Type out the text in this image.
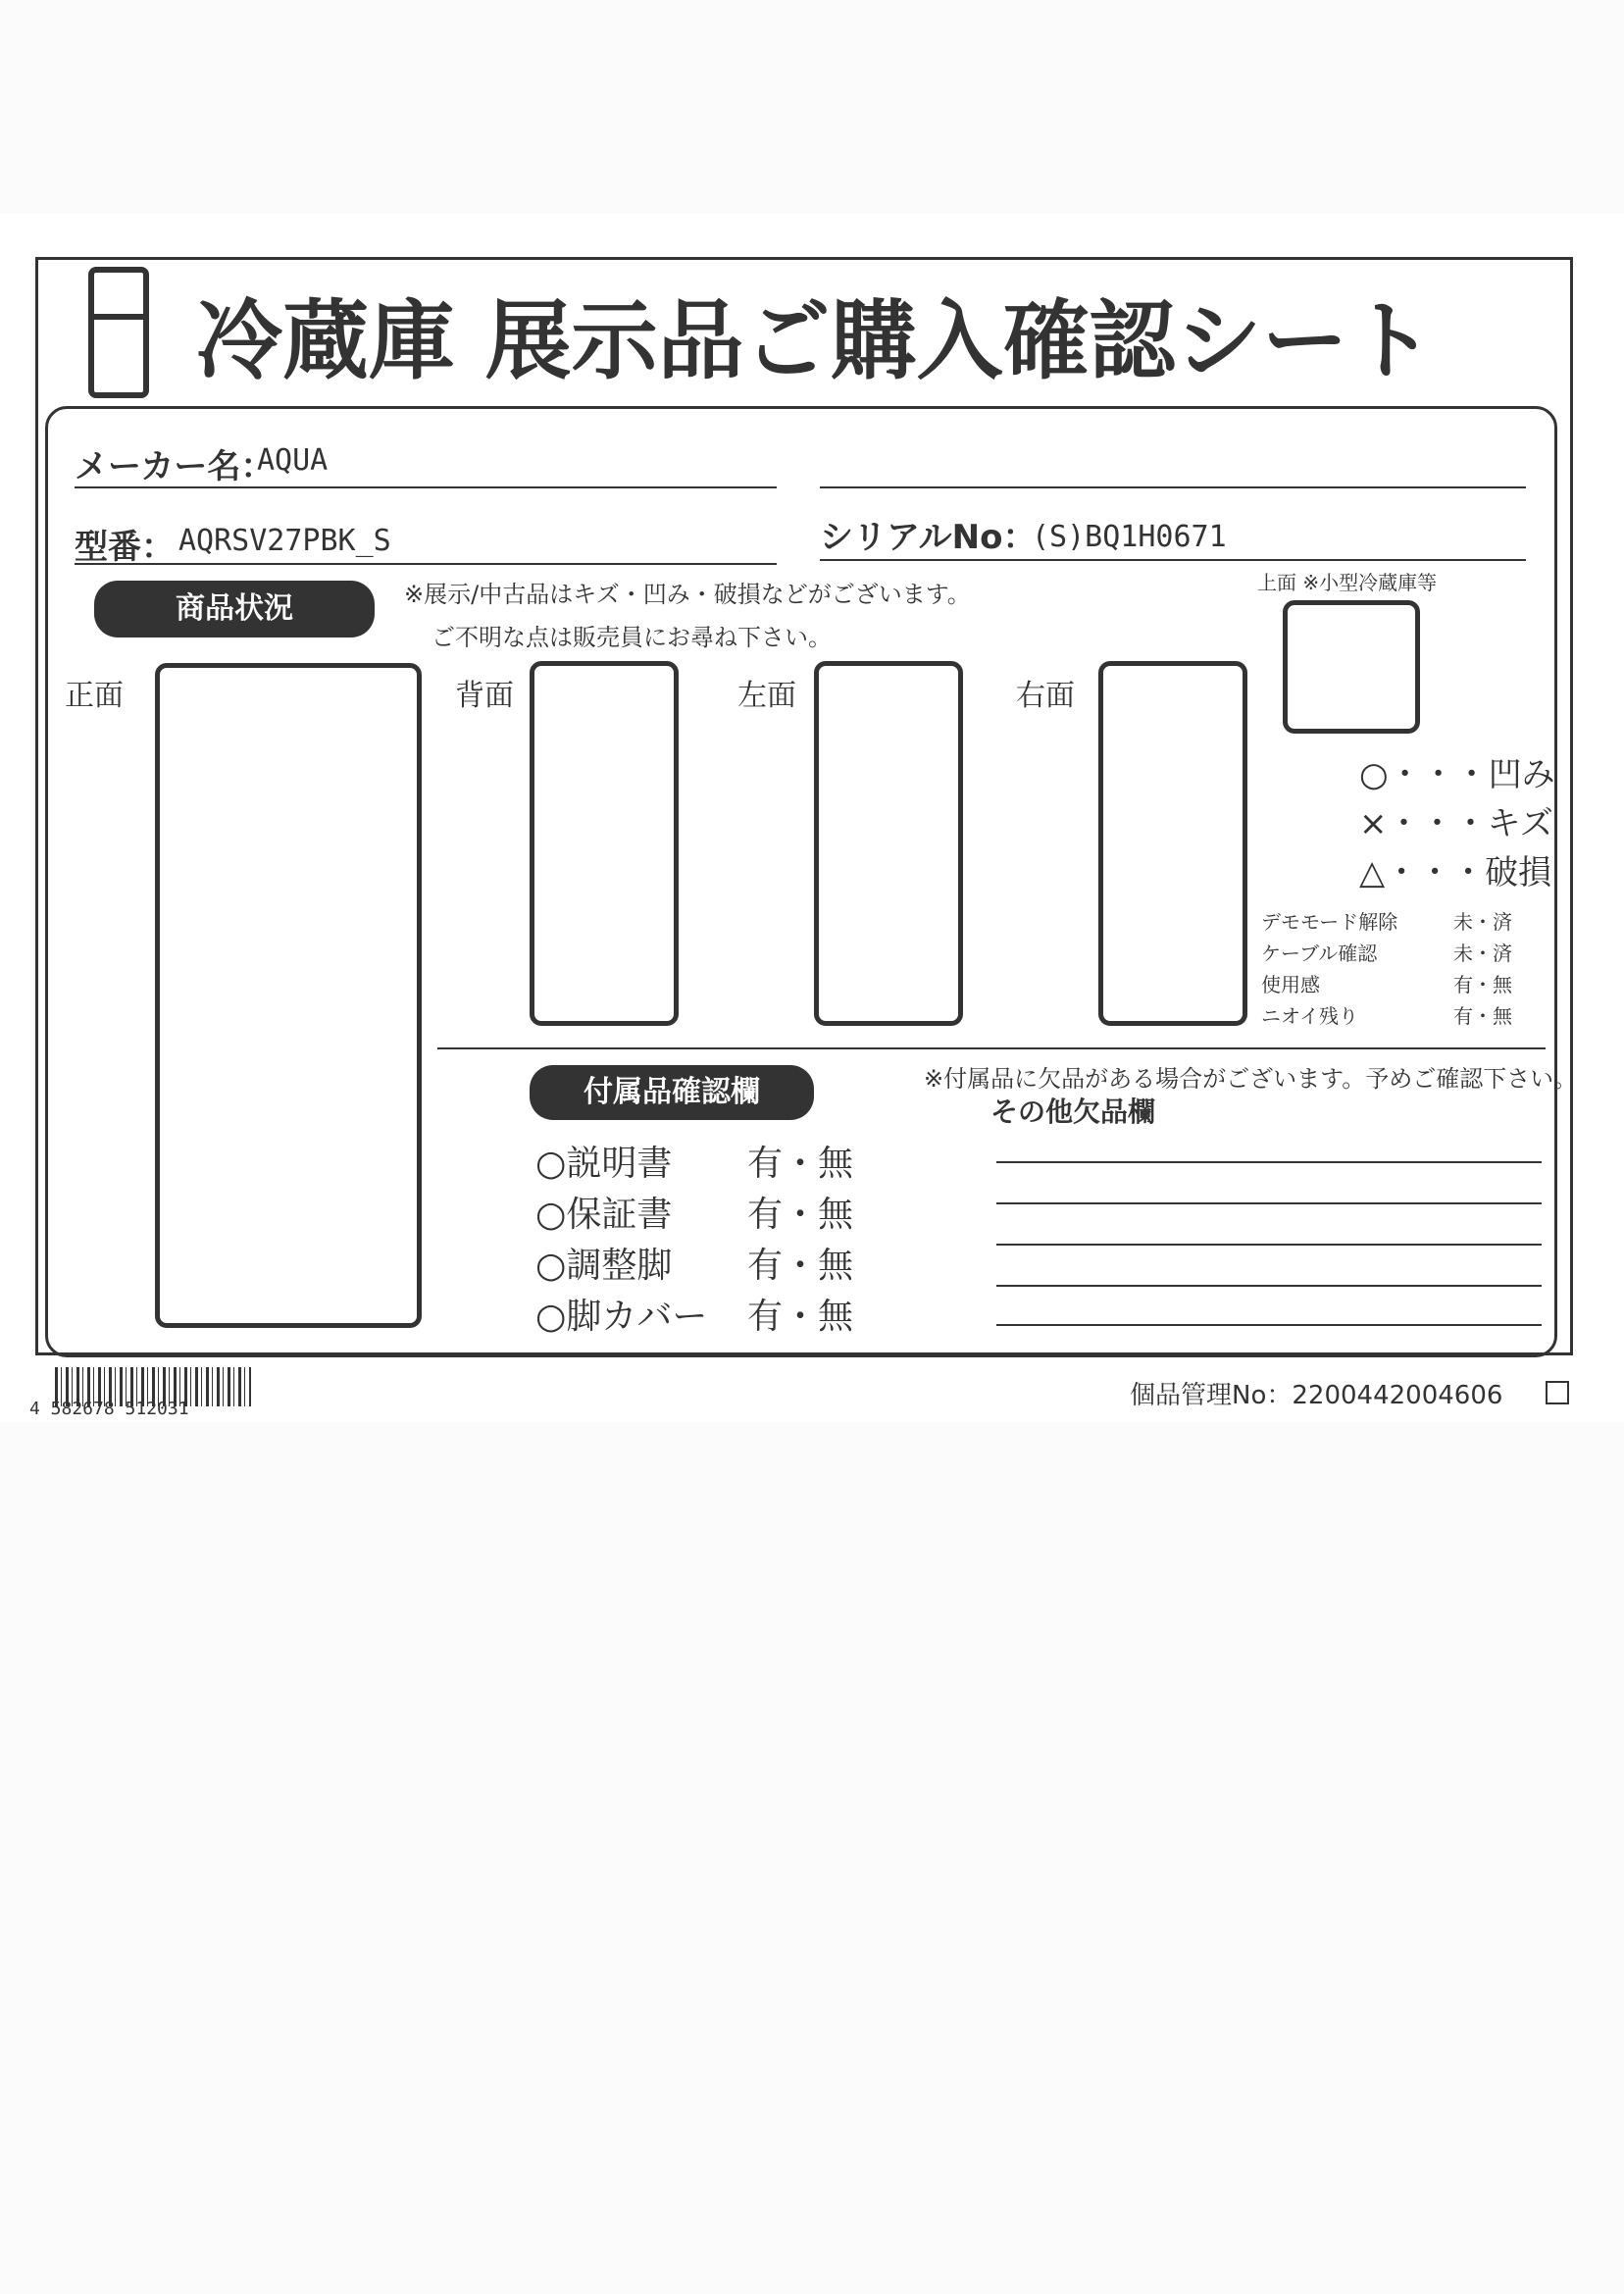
冷蔵庫 展示品ご購入確認シート
メーカー名：
AQUA
型番： AQRSV27PBK_S	シリアルNo：
(S)BQ1H0671
商品状況	※展示/中古品はキズ・凹み・破損などがございます。
ご不明な点は販売員にお尋ね下さい。
正面	背面	左面	右面
上面 ※小型冷蔵庫等
○・・・凹み
×・・・キズ
△・・・破損
デモモード解除	未・済
ケーブル確認	未・済
使用感	有・無
ニオイ残り	有・無
付属品確認欄	※付属品に欠品がある場合がございます。予めご確認下さい。
その他欠品欄
○説明書 有・無
○保証書 有・無
○調整脚 有・無
○脚カバー 有・無
4 582678 512031	個品管理No：2200442004606
